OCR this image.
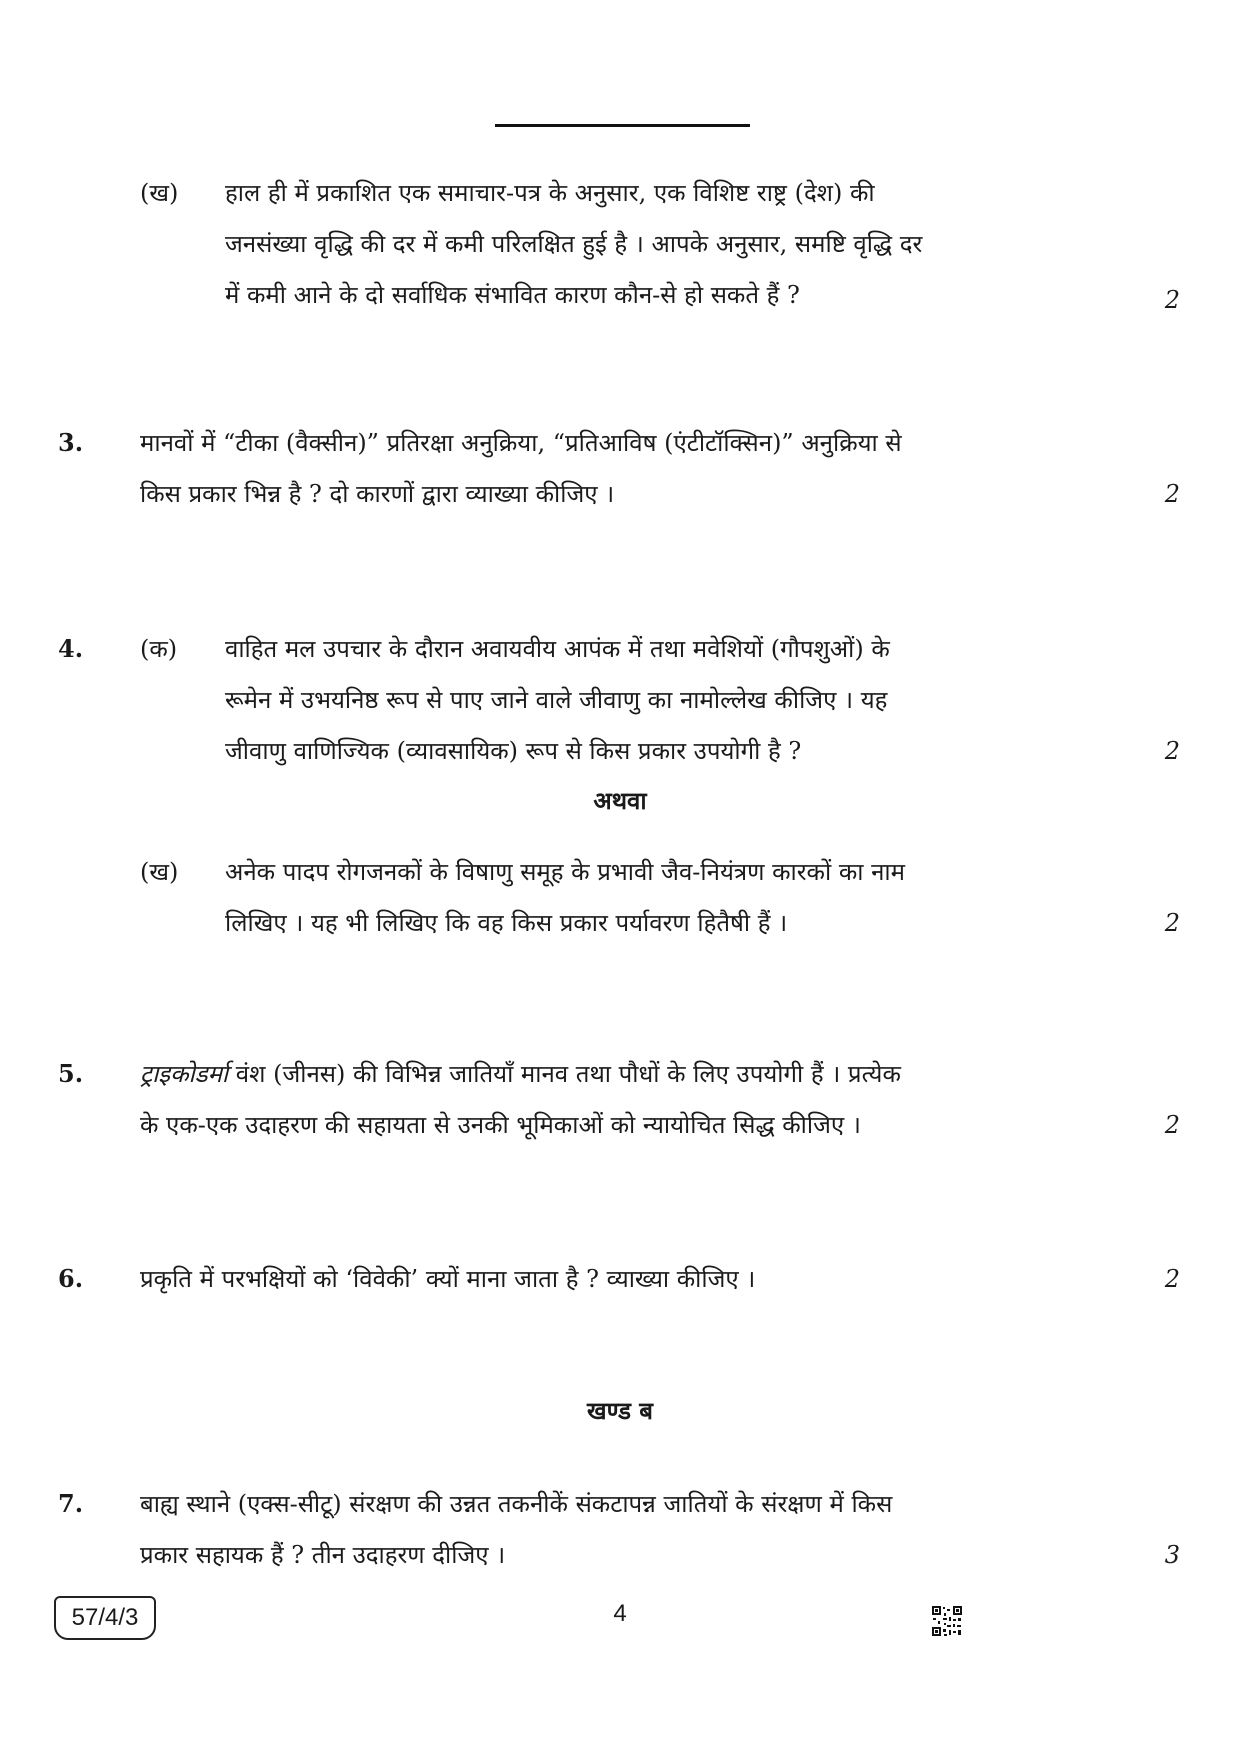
(ख) हाल ही में प्रकाशित एक समाचार-पत्र के अनुसार, एक विशिष्ट राष्ट्र (देश) की
जनसंख्या वृद्धि की दर में कमी परिलक्षित हुई है । आपके अनुसार, समष्टि वृद्धि दर
में कमी आने के दो सर्वाधिक संभावित कारण कौन-से हो सकते हैं ?	2
3. मानवों में “टीका (वैक्सीन)” प्रतिरक्षा अनुक्रिया, “प्रतिआविष (एंटीटॉक्सिन)” अनुक्रिया से
किस प्रकार भिन्न है ? दो कारणों द्वारा व्याख्या कीजिए ।	2
4. (क) वाहित मल उपचार के दौरान अवायवीय आपंक में तथा मवेशियों (गौपशुओं) के
रूमेन में उभयनिष्ठ रूप से पाए जाने वाले जीवाणु का नामोल्लेख कीजिए । यह
जीवाणु वाणिज्यिक (व्यावसायिक) रूप से किस प्रकार उपयोगी है ?	2
अथवा
(ख) अनेक पादप रोगजनकों के विषाणु समूह के प्रभावी जैव-नियंत्रण कारकों का नाम
लिखिए । यह भी लिखिए कि वह किस प्रकार पर्यावरण हितैषी हैं ।	2
5. ट्राइकोडर्मा वंश (जीनस) की विभिन्न जातियाँ मानव तथा पौधों के लिए उपयोगी हैं । प्रत्येक
के एक-एक उदाहरण की सहायता से उनकी भूमिकाओं को न्यायोचित सिद्ध कीजिए ।	2
6. प्रकृति में परभक्षियों को ‘विवेकी’ क्यों माना जाता है ? व्याख्या कीजिए ।	2
खण्ड ब
7. बाह्य स्थाने (एक्स-सीटू) संरक्षण की उन्नत तकनीकें संकटापन्न जातियों के संरक्षण में किस
प्रकार सहायक हैं ? तीन उदाहरण दीजिए ।	3
57/4/3	4
